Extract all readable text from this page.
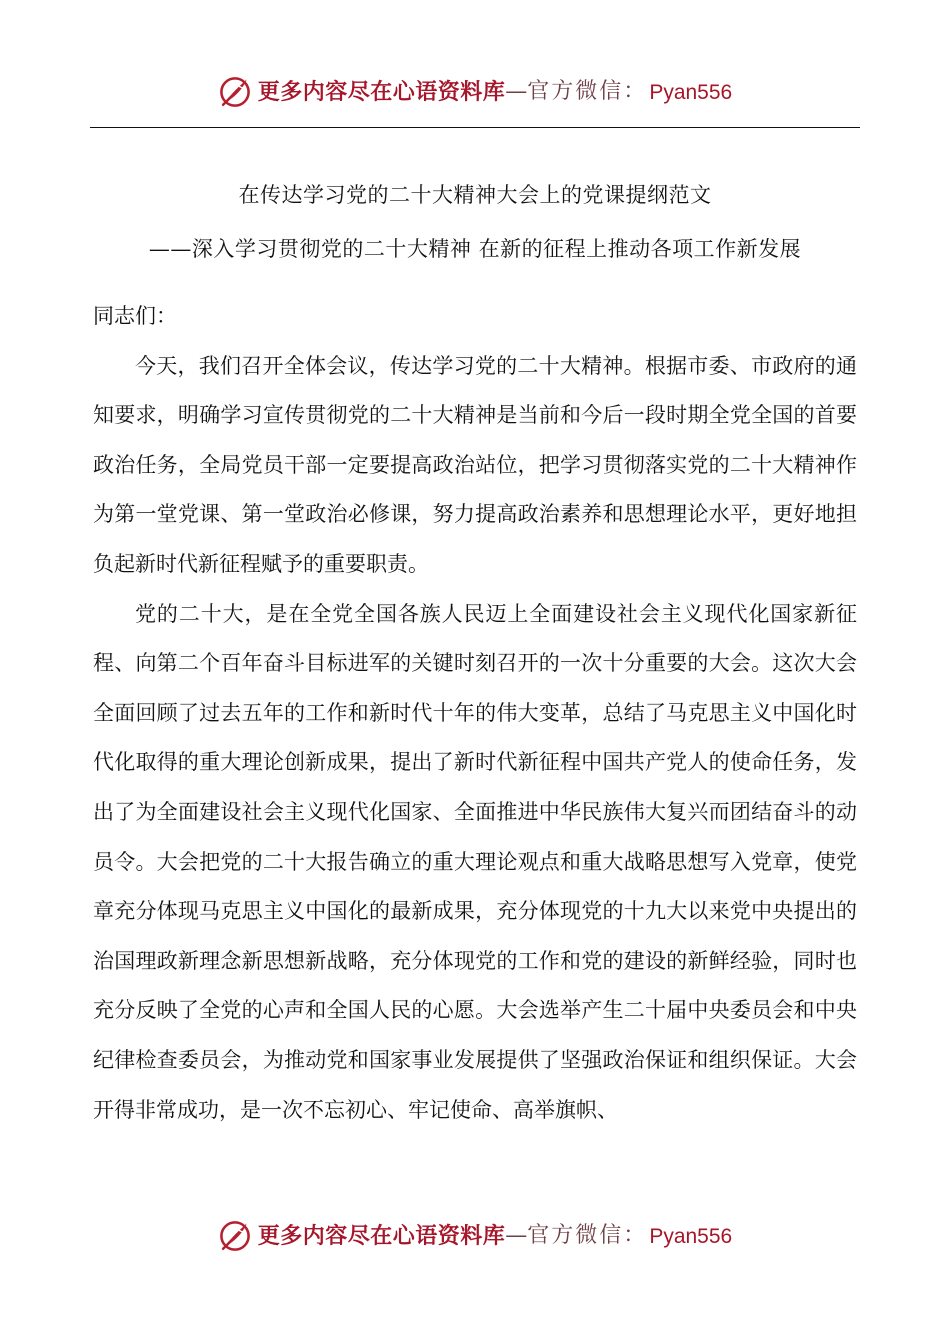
更多内容尽在心语资料库 — 官方微信： Pyan556
在传达学习党的二十大精神大会上的党课提纲范文
——深入学习贯彻党的二十大精神 在新的征程上推动各项工作新发展

同志们：

今天，我们召开全体会议，传达学习党的二十大精神。根据市委、市政府的通知要求，明确学习宣传贯彻党的二十大精神是当前和今后一段时期全党全国的首要政治任务，全局党员干部一定要提高政治站位，把学习贯彻落实党的二十大精神作为第一堂党课、第一堂政治必修课，努力提高政治素养和思想理论水平，更好地担负起新时代新征程赋予的重要职责。

党的二十大，是在全党全国各族人民迈上全面建设社会主义现代化国家新征程、向第二个百年奋斗目标进军的关键时刻召开的一次十分重要的大会。这次大会全面回顾了过去五年的工作和新时代十年的伟大变革，总结了马克思主义中国化时代化取得的重大理论创新成果，提出了新时代新征程中国共产党人的使命任务，发出了为全面建设社会主义现代化国家、全面推进中华民族伟大复兴而团结奋斗的动员令。大会把党的二十大报告确立的重大理论观点和重大战略思想写入党章，使党章充分体现马克思主义中国化的最新成果，充分体现党的十九大以来党中央提出的治国理政新理念新思想新战略，充分体现党的工作和党的建设的新鲜经验，同时也充分反映了全党的心声和全国人民的心愿。大会选举产生二十届中央委员会和中央纪律检查委员会，为推动党和国家事业发展提供了坚强政治保证和组织保证。大会开得非常成功，是一次不忘初心、牢记使命、高举旗帜、

更多内容尽在心语资料库 — 官方微信： Pyan556
